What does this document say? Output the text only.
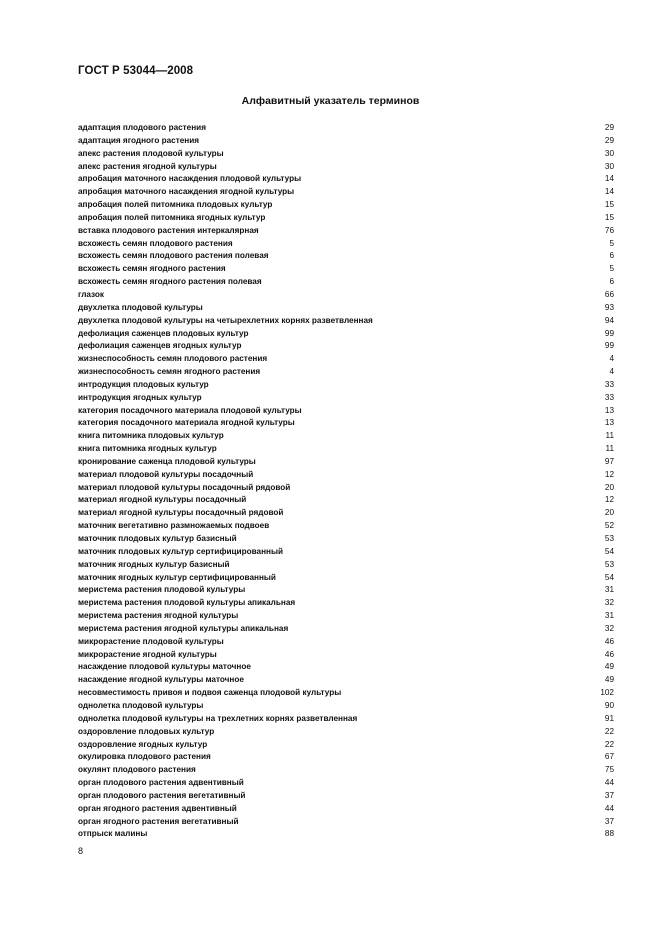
ГОСТ Р 53044—2008
Алфавитный указатель терминов
адаптация плодового растения	29
адаптация ягодного растения	29
апекс растения плодовой культуры	30
апекс растения ягодной культуры	30
апробация маточного насаждения плодовой культуры	14
апробация маточного насаждения ягодной культуры	14
апробация полей питомника плодовых культур	15
апробация полей питомника ягодных культур	15
вставка плодового растения интеркалярная	76
всхожесть семян плодового растения	5
всхожесть семян плодового растения полевая	6
всхожесть семян ягодного растения	5
всхожесть семян ягодного растения полевая	6
глазок	66
двухлетка плодовой культуры	93
двухлетка плодовой культуры на четырехлетних корнях разветвленная	94
дефолиация саженцев плодовых культур	99
дефолиация саженцев ягодных культур	99
жизнеспособность семян плодового растения	4
жизнеспособность семян ягодного растения	4
интродукция плодовых культур	33
интродукция ягодных культур	33
категория посадочного материала плодовой культуры	13
категория посадочного материала ягодной культуры	13
книга питомника плодовых культур	11
книга питомника ягодных культур	11
кронирование саженца плодовой культуры	97
материал плодовой культуры посадочный	12
материал плодовой культуры посадочный рядовой	20
материал ягодной культуры посадочный	12
материал ягодной культуры посадочный рядовой	20
маточник вегетативно размножаемых подвоев	52
маточник плодовых культур базисный	53
маточник плодовых культур сертифицированный	54
маточник ягодных культур базисный	53
маточник ягодных культур сертифицированный	54
меристема растения плодовой культуры	31
меристема растения плодовой культуры апикальная	32
меристема растения ягодной культуры	31
меристема растения ягодной культуры апикальная	32
микрорастение плодовой культуры	46
микрорастение ягодной культуры	46
насаждение плодовой культуры маточное	49
насаждение ягодной культуры маточное	49
несовместимость привоя и подвоя саженца плодовой культуры	102
однолетка плодовой культуры	90
однолетка плодовой культуры на трехлетних корнях разветвленная	91
оздоровление плодовых культур	22
оздоровление ягодных культур	22
окулировка плодового растения	67
окулянт плодового растения	75
орган плодового растения адвентивный	44
орган плодового растения вегетативный	37
орган ягодного растения адвентивный	44
орган ягодного растения вегетативный	37
отпрыск малины	88
8
